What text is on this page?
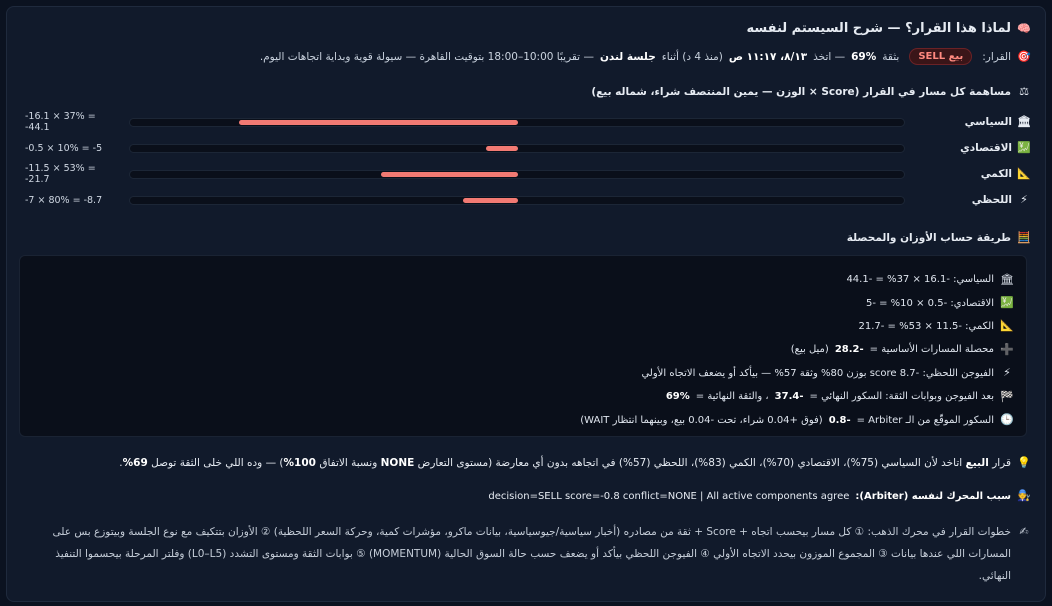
🧠
لماذا هذا القرار؟ — شرح السيستم لنفسه
🎯
القرار:
بيع SELL
بثقة
69%
— اتخذ
٨/١٣، ١١:١٧ ص
(منذ 4 د) أثناء
جلسة لندن
— تقريبًا 10:00–18:00 بتوقيت القاهرة — سيولة قوية وبداية اتجاهات اليوم.
⚖
مساهمة كل مسار في القرار (Score × الوزن — يمين المنتصف شراء، شماله بيع)
السياسي 🏛
-16.1 × 37% = -44.1
الاقتصادي 💹
-0.5 × 10% = -5
الكمي 📐
-11.5 × 53% = -21.7
اللحظي ⚡
-7 × 80% = -8.7
🧮
طريقة حساب الأوزان والمحصلة
🏛
السياسي: -16.1 × 37% = -44.1
💹
الاقتصادي: -0.5 × 10% = -5
📐
الكمي: -11.5 × 53% = -21.7
➕
محصلة المسارات الأساسية =
-28.2
(ميل بيع)
⚡
الفيوجن اللحظي: -8.7 score بوزن 80% وثقة 57% — بيأكد أو يضعف الاتجاه الأولي
🏁
بعد الفيوجن وبوابات الثقة: السكور النهائي =
-37.4
، والثقة النهائية =
69%
🕒
السكور الموقّع من الـ Arbiter =
-0.8
(فوق +0.04 شراء، تحت -0.04 بيع، وبينهما انتظار WAIT)
💡
قرار البيع اتاخد لأن السياسي (75%)، الاقتصادي (70%)، الكمي (83%)، اللحظي (57%) في اتجاهه بدون أي معارضة (مستوى التعارض NONE ونسبة الاتفاق 100%) — وده اللي خلى الثقة توصل 69%.
🧑‍🔧
سبب المحرك لنفسه (Arbiter):
decision=SELL score=-0.8 conflict=NONE | All active components agree
✍
خطوات القرار في محرك الذهب: ① كل مسار بيحسب اتجاه + Score + ثقة من مصادره (أخبار سياسية/جيوسياسية، بيانات ماكرو، مؤشرات كمية، وحركة السعر اللحظية) ② الأوزان بتتكيف مع نوع الجلسة وبيتوزع بس على المسارات اللي عندها بيانات ③ المجموع الموزون بيحدد الاتجاه الأولي ④ الفيوجن اللحظي بيأكد أو يضعف حسب حالة السوق الحالية (MOMENTUM) ⑤ بوابات الثقة ومستوى التشدد (L0–L5) وفلتر المرحلة بيحسموا التنفيذ النهائي.
